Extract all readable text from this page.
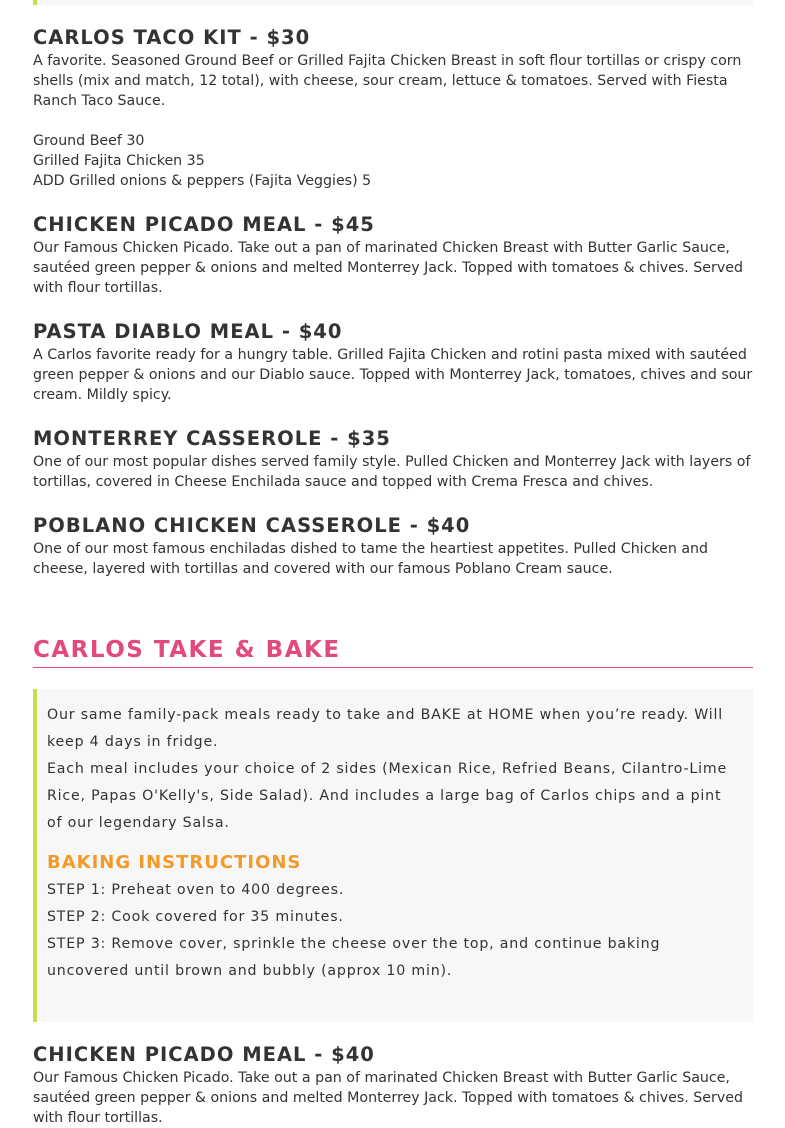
CARLOS TACO KIT - $30

A favorite. Seasoned Ground Beef or Grilled Fajita Chicken Breast in soft flour tortillas or crispy corn shells (mix and match, 12 total), with cheese, sour cream, lettuce & tomatoes. Served with Fiesta Ranch Taco Sauce.

Ground Beef 30
Grilled Fajita Chicken 35
ADD Grilled onions & peppers (Fajita Veggies) 5
CHICKEN PICADO MEAL - $45

Our Famous Chicken Picado. Take out a pan of marinated Chicken Breast with Butter Garlic Sauce, sautéed green pepper & onions and melted Monterrey Jack. Topped with tomatoes & chives. Served with flour tortillas.

PASTA DIABLO MEAL - $40

A Carlos favorite ready for a hungry table. Grilled Fajita Chicken and rotini pasta mixed with sautéed green pepper & onions and our Diablo sauce. Topped with Monterrey Jack, tomatoes, chives and sour cream. Mildly spicy.

MONTERREY CASSEROLE - $35

One of our most popular dishes served family style. Pulled Chicken and Monterrey Jack with layers of tortillas, covered in Cheese Enchilada sauce and topped with Crema Fresca and chives.

POBLANO CHICKEN CASSEROLE - $40

One of our most famous enchiladas dished to tame the heartiest appetites. Pulled Chicken and cheese, layered with tortillas and covered with our famous Poblano Cream sauce.

CARLOS TAKE & BAKE

Our same family-pack meals ready to take and BAKE at HOME when you’re ready. Will keep 4 days in fridge.

Each meal includes your choice of 2 sides (Mexican Rice, Refried Beans, Cilantro-Lime Rice, Papas O'Kelly's, Side Salad). And includes a large bag of Carlos chips and a pint of our legendary Salsa.

BAKING INSTRUCTIONS

STEP 1: Preheat oven to 400 degrees.

STEP 2: Cook covered for 35 minutes.

STEP 3: Remove cover, sprinkle the cheese over the top, and continue baking uncovered until brown and bubbly (approx 10 min).

CHICKEN PICADO MEAL - $40

Our Famous Chicken Picado. Take out a pan of marinated Chicken Breast with Butter Garlic Sauce, sautéed green pepper & onions and melted Monterrey Jack. Topped with tomatoes & chives. Served with flour tortillas.
